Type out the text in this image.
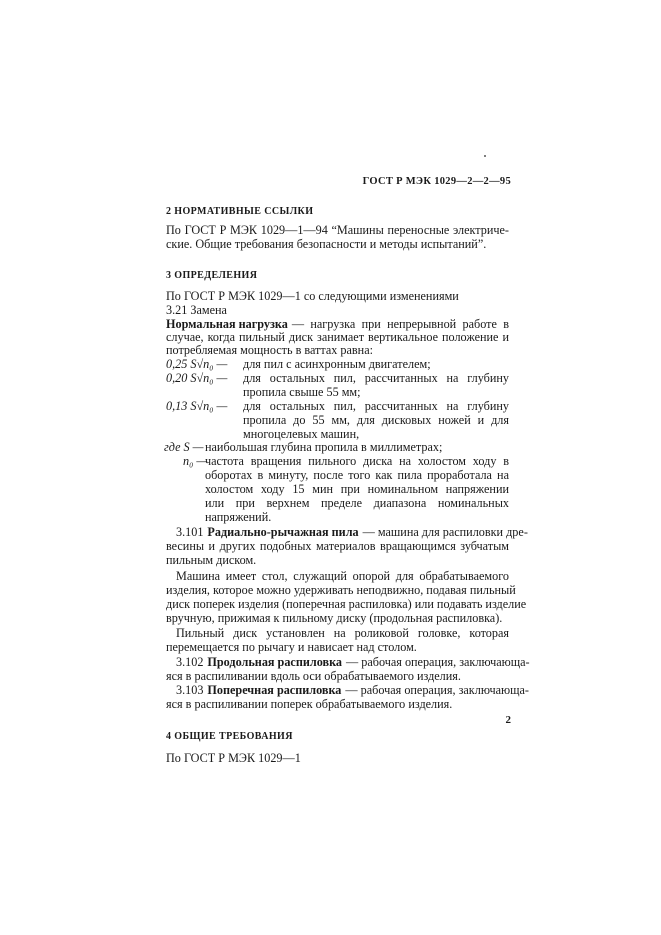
ГОСТ Р МЭК 1029—2—2—95
2 НОРМАТИВНЫЕ ССЫЛКИ
По ГОСТ Р МЭК 1029—1—94 “Машины переносные электриче-
ские. Общие требования безопасности и методы испытаний”.
3 ОПРЕДЕЛЕНИЯ
По ГОСТ Р МЭК 1029—1 со следующими изменениями
3.21 Замена
Нормальная нагрузка — нагрузка при непрерывной работе в
случае, когда пильный диск занимает вертикальное положение и
потребляемая мощность в ваттах равна:
0,25 S√n₀ — для пил с асинхронным двигателем;
0,20 S√n₀ — для остальных пил, рассчитанных на глубину
пропила свыше 55 мм;
0,13 S√n₀ — для остальных пил, рассчитанных на глубину
пропила до 55 мм, для дисковых ножей и для
многоцелевых машин,
где S — наибольшая глубина пропила в миллиметрах;
n₀ —
частота вращения пильного диска на холостом ходу в
оборотах в минуту, после того как пила проработала на
холостом ходу 15 мин при номинальном напряжении
или при верхнем пределе диапазона номинальных
напряжений.
3.101 Радиально-рычажная пила — машина для распиловки дре-
весины и других подобных материалов вращающимся зубчатым
пильным диском.
Машина имеет стол, служащий опорой для обрабатываемого
изделия, которое можно удерживать неподвижно, подавая пильный
диск поперек изделия (поперечная распиловка) или подавать изделие
вручную, прижимая к пильному диску (продольная распиловка).
Пильный диск установлен на роликовой головке, которая
перемещается по рычагу и нависает над столом.
3.102 Продольная распиловка — рабочая операция, заключающа-
яся в распиливании вдоль оси обрабатываемого изделия.
3.103 Поперечная распиловка — рабочая операция, заключающа-
яся в распиливании поперек обрабатываемого изделия.
4 ОБЩИЕ ТРЕБОВАНИЯ
По ГОСТ Р МЭК 1029—1
2
